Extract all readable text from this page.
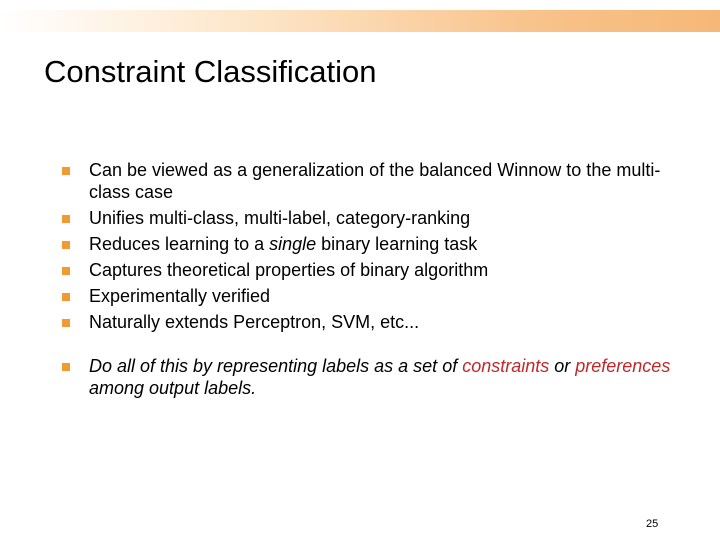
Constraint Classification
Can be viewed as a generalization of the balanced Winnow to the multi-class case
Unifies multi-class, multi-label, category-ranking
Reduces learning to a single binary learning task
Captures theoretical properties of binary algorithm
Experimentally verified
Naturally extends Perceptron, SVM, etc...
Do all of this by representing labels as a set of constraints or preferences among output labels.
25
